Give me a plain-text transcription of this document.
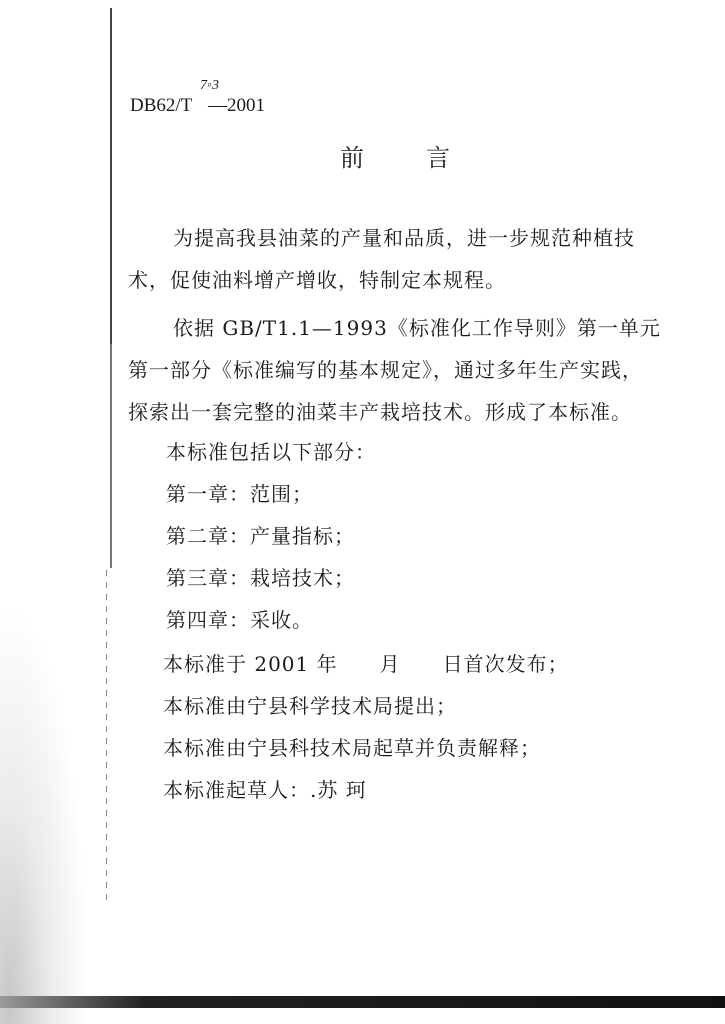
DB62/T
7◦3
—2001
前言
为提高我县油菜的产量和品质，进一步规范种植技
术，促使油料增产增收，特制定本规程。
依据 GB/T1.1—1993《标准化工作导则》第一单元
第一部分《标准编写的基本规定》，通过多年生产实践，
探索出一套完整的油菜丰产栽培技术。形成了本标准。
本标准包括以下部分：
第一章：范围；
第二章：产量指标；
第三章：栽培技术；
第四章：采收。
本标准于 2001 年　　月　　日首次发布；
本标准由宁县科学技术局提出；
本标准由宁县科技术局起草并负责解释；
本标准起草人：.苏 珂
